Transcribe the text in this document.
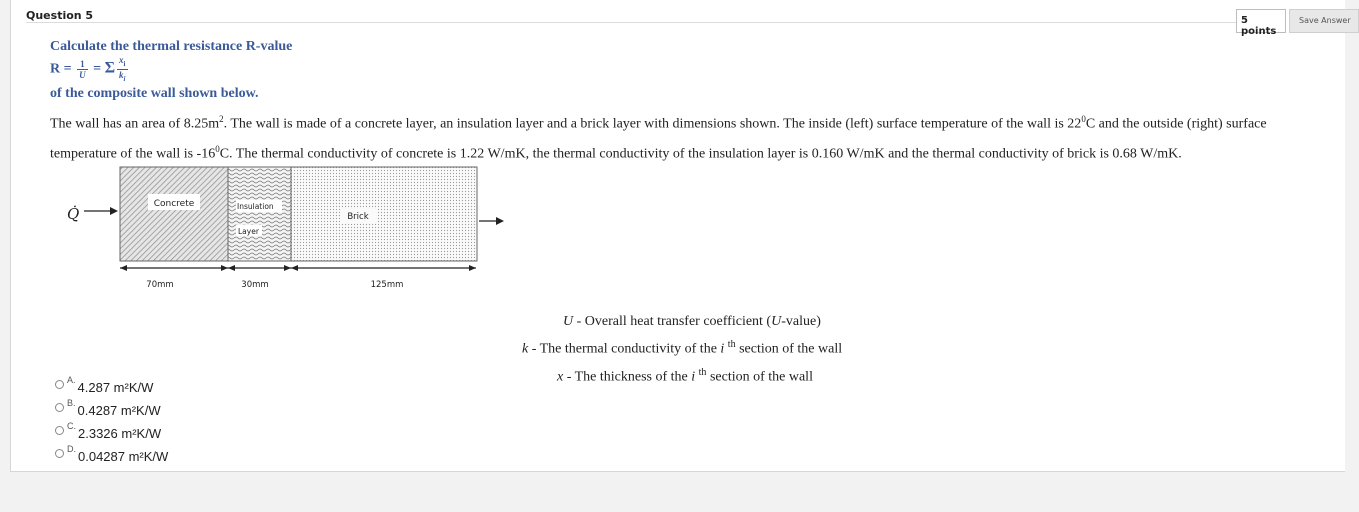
Question 5	5 points
Save Answer
Calculate the thermal resistance R-value
$R = \frac{1}{U} = \Sigma \frac{x_i}{k_i}$
of the composite wall shown below.
The wall has an area of $8.25m^2$. The wall is made of a concrete layer, an insulation layer and a brick layer with dimensions shown. The inside (left) surface temperature of the wall is $22^0C$ and the outside (right) surface
temperature of the wall is $-16^0C$. The thermal conductivity of concrete is 1.22 W/mK, the thermal conductivity of the insulation layer is 0.160 W/mK and the thermal conductivity of brick is 0.68 W/mK.
Q̇
Concrete	Insulation
Layer
Brick
70mm	30mm	125mm
U - Overall heat transfer coefficient (U-value)
k - The thermal conductivity of the i $^{th}$ section of the wall
x - The thickness of the i $^{th}$ section of the wall
A. 4.287 m²K/W
B. 0.4287 m²K/W
C. 2.3326 m²K/W
D. 0.04287 m²K/W
